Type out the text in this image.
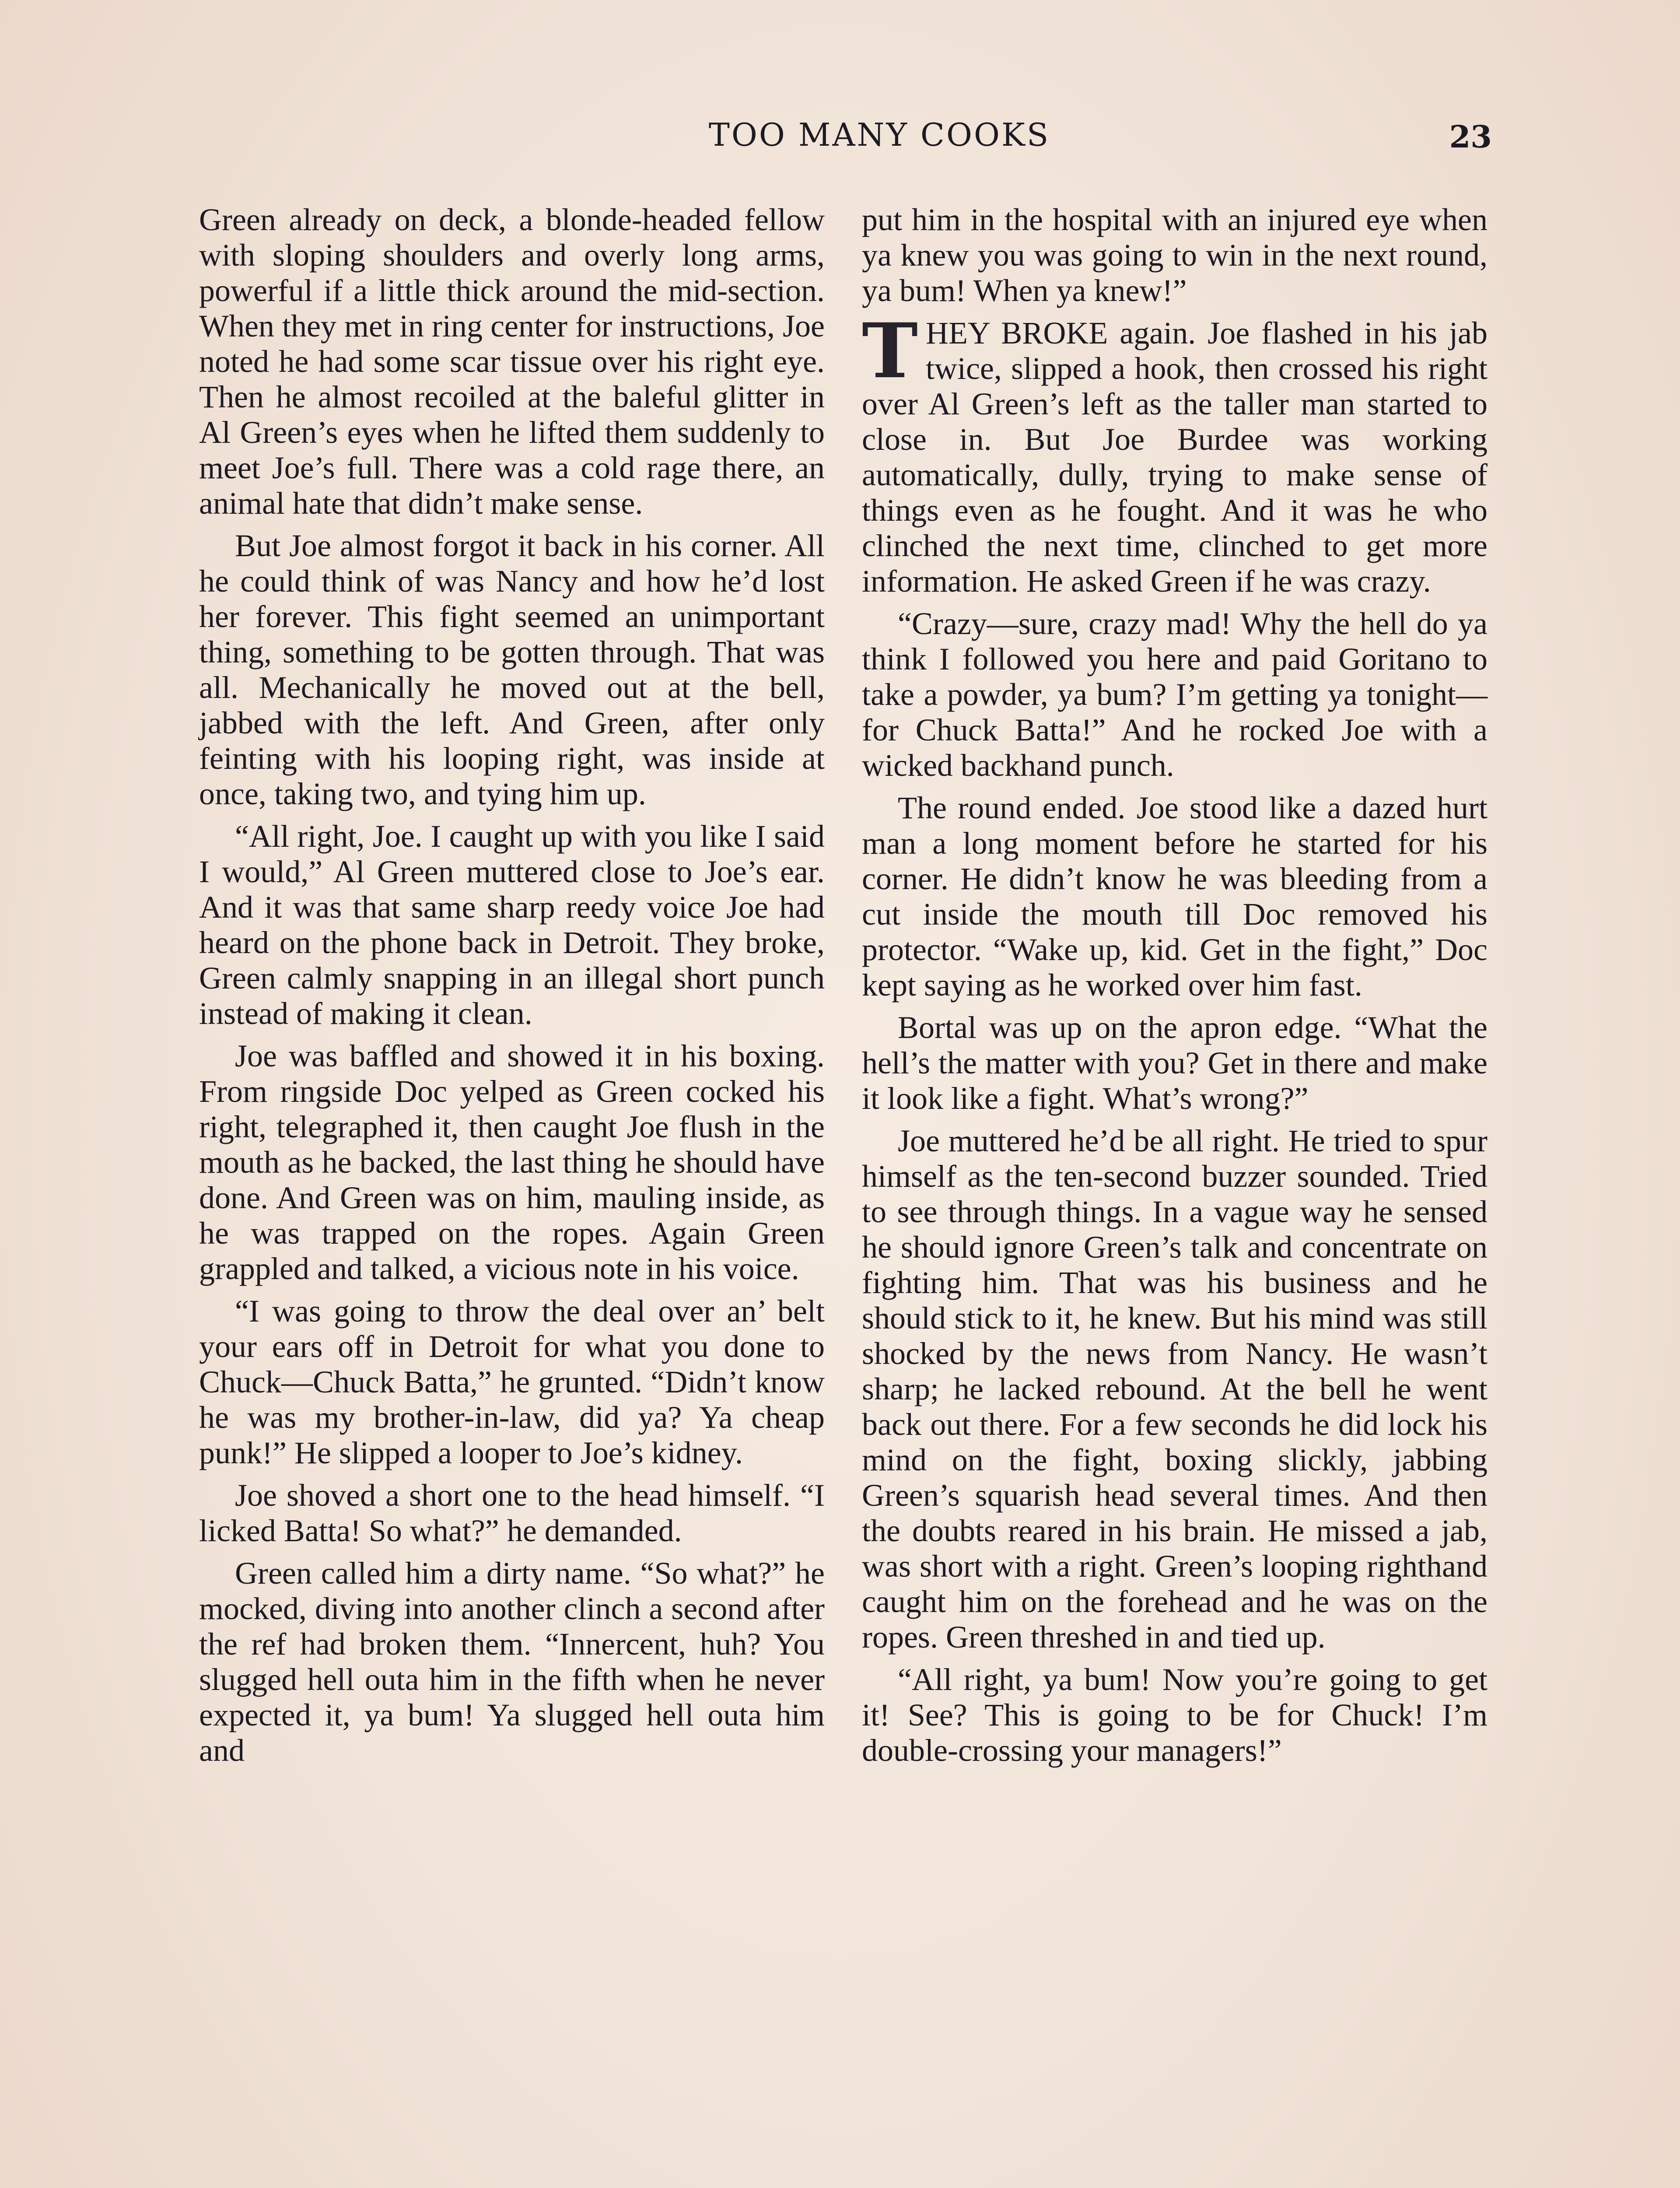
TOO MANY COOKS	23

Green already on deck, a blonde-headed fellow with sloping shoulders and overly long arms, powerful if a little thick around the mid-section. When they met in ring center for instructions, Joe noted he had some scar tissue over his right eye. Then he almost recoiled at the baleful glitter in Al Green’s eyes when he lifted them suddenly to meet Joe’s full. There was a cold rage there, an animal hate that didn’t make sense.

But Joe almost forgot it back in his corner. All he could think of was Nancy and how he’d lost her forever. This fight seemed an unimportant thing, something to be gotten through. That was all. Mechanically he moved out at the bell, jabbed with the left. And Green, after only feinting with his looping right, was inside at once, taking two, and tying him up.

“All right, Joe. I caught up with you like I said I would,” Al Green muttered close to Joe’s ear. And it was that same sharp reedy voice Joe had heard on the phone back in Detroit. They broke, Green calmly snapping in an illegal short punch instead of making it clean.

Joe was baffled and showed it in his boxing. From ringside Doc yelped as Green cocked his right, telegraphed it, then caught Joe flush in the mouth as he backed, the last thing he should have done. And Green was on him, mauling inside, as he was trapped on the ropes. Again Green grappled and talked, a vicious note in his voice.

“I was going to throw the deal over an’ belt your ears off in Detroit for what you done to Chuck—Chuck Batta,” he grunted. “Didn’t know he was my brother-in-law, did ya? Ya cheap punk!” He slipped a looper to Joe’s kidney.

Joe shoved a short one to the head himself. “I licked Batta! So what?” he demanded.

Green called him a dirty name. “So what?” he mocked, diving into another clinch a second after the ref had broken them. “Innercent, huh? You slugged hell outa him in the fifth when he never expected it, ya bum! Ya slugged hell outa him and

put him in the hospital with an injured eye when ya knew you was going to win in the next round, ya bum! When ya knew!”

THEY BROKE again. Joe flashed in his jab twice, slipped a hook, then crossed his right over Al Green’s left as the taller man started to close in. But Joe Burdee was working automatically, dully, trying to make sense of things even as he fought. And it was he who clinched the next time, clinched to get more information. He asked Green if he was crazy.

“Crazy—sure, crazy mad! Why the hell do ya think I followed you here and paid Goritano to take a powder, ya bum? I’m getting ya tonight—for Chuck Batta!” And he rocked Joe with a wicked backhand punch.

The round ended. Joe stood like a dazed hurt man a long moment before he started for his corner. He didn’t know he was bleeding from a cut inside the mouth till Doc removed his protector. “Wake up, kid. Get in the fight,” Doc kept saying as he worked over him fast.

Bortal was up on the apron edge. “What the hell’s the matter with you? Get in there and make it look like a fight. What’s wrong?”

Joe muttered he’d be all right. He tried to spur himself as the ten-second buzzer sounded. Tried to see through things. In a vague way he sensed he should ignore Green’s talk and concentrate on fighting him. That was his business and he should stick to it, he knew. But his mind was still shocked by the news from Nancy. He wasn’t sharp; he lacked rebound. At the bell he went back out there. For a few seconds he did lock his mind on the fight, boxing slickly, jabbing Green’s squarish head several times. And then the doubts reared in his brain. He missed a jab, was short with a right. Green’s looping righthand caught him on the forehead and he was on the ropes. Green threshed in and tied up.

“All right, ya bum! Now you’re going to get it! See? This is going to be for Chuck! I’m double-crossing your managers!”
